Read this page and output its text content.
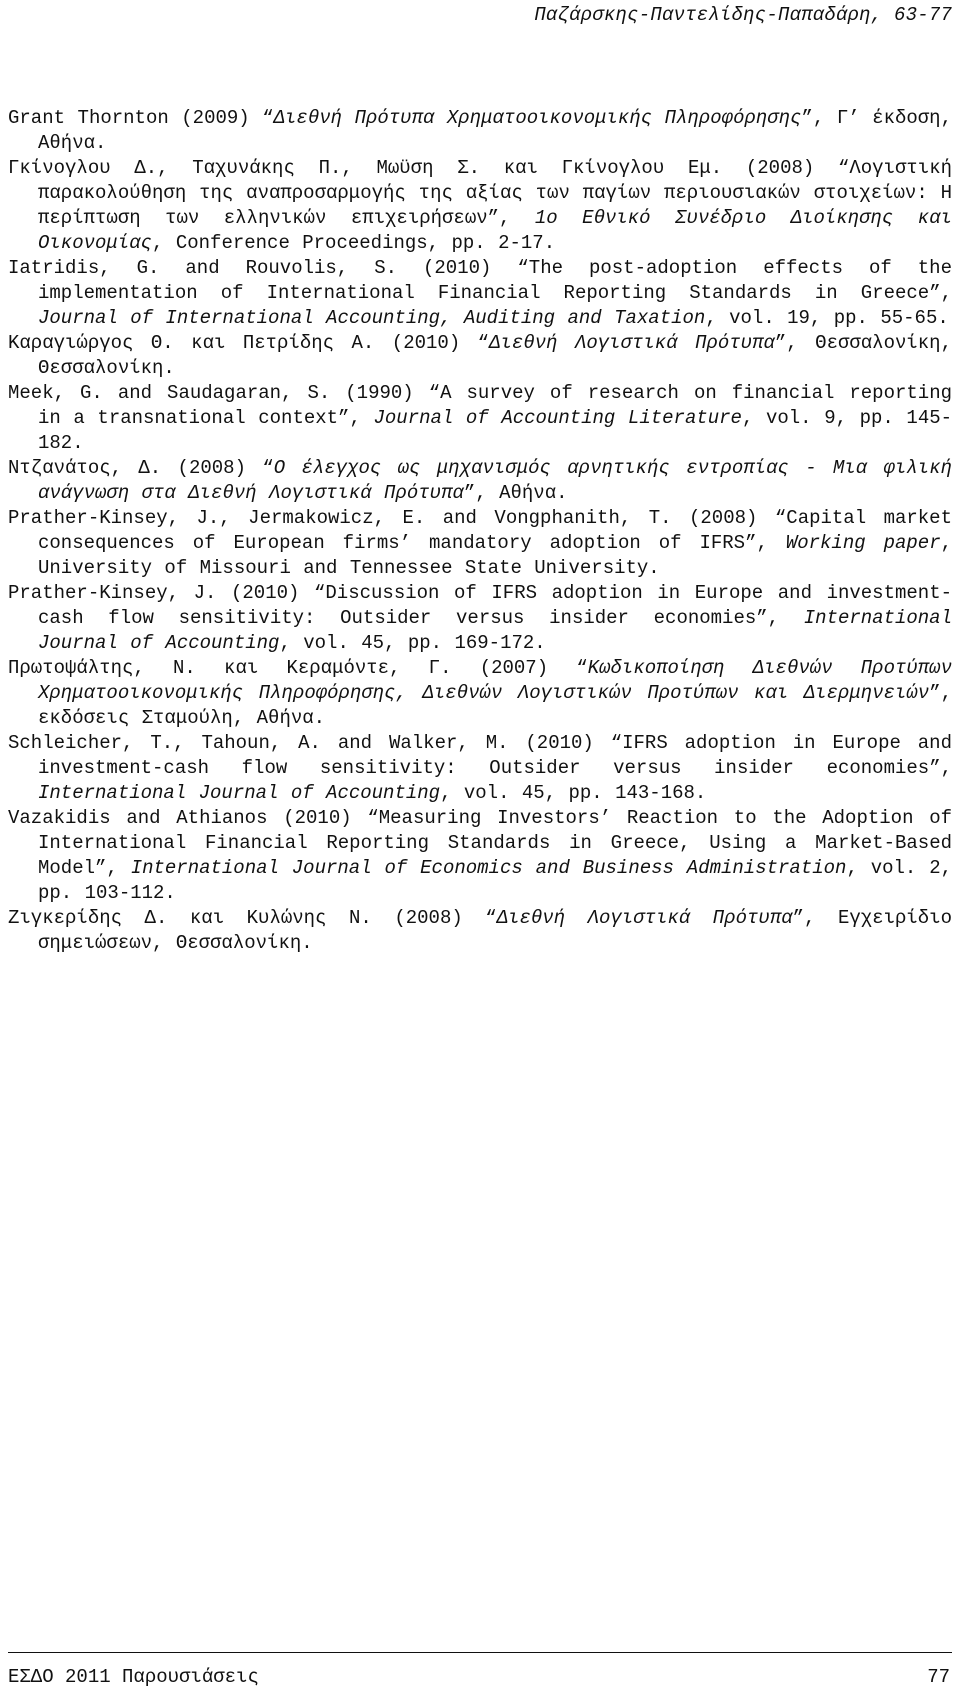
Παζάρσκης-Παντελίδης-Παπαδάρη, 63-77
Grant Thornton (2009) “Διεθνή Πρότυπα Χρηματοοικονομικής Πληροφόρησης”, Γ’ έκδοση, Αθήνα.
Γκίνογλου Δ., Ταχυνάκης Π., Μωϋση Σ. και Γκίνογλου Εμ. (2008) “Λογιστική παρακολούθηση της αναπροσαρμογής της αξίας των παγίων περιουσιακών στοιχείων: Η περίπτωση των ελληνικών επιχειρήσεων”, 1ο Εθνικό Συνέδριο Διοίκησης και Οικονομίας, Conference Proceedings, pp. 2-17.
Iatridis, G. and Rouvolis, S. (2010) “The post-adoption effects of the implementation of International Financial Reporting Standards in Greece”, Journal of International Accounting, Auditing and Taxation, vol. 19, pp. 55-65.
Καραγιώργος Θ. και Πετρίδης Α. (2010) “Διεθνή Λογιστικά Πρότυπα”, Θεσσαλονίκη, Θεσσαλονίκη.
Meek, G. and Saudagaran, S. (1990) “A survey of research on financial reporting in a transnational context”, Journal of Accounting Literature, vol. 9, pp. 145-182.
Ντζανάτος, Δ. (2008) “Ο έλεγχος ως μηχανισμός αρνητικής εντροπίας - Μια φιλική ανάγνωση στα Διεθνή Λογιστικά Πρότυπα”, Αθήνα.
Prather-Kinsey, J., Jermakowicz, E. and Vongphanith, T. (2008) “Capital market consequences of European firms’ mandatory adoption of IFRS”, Working paper, University of Missouri and Tennessee State University.
Prather-Kinsey, J. (2010) “Discussion of IFRS adoption in Europe and investment-cash flow sensitivity: Outsider versus insider economies”, International Journal of Accounting, vol. 45, pp. 169-172.
Πρωτοψάλτης, Ν. και Κεραμόντε, Γ. (2007) “Κωδικοποίηση Διεθνών Προτύπων Χρηματοοικονομικής Πληροφόρησης, Διεθνών Λογιστικών Προτύπων και Διερμηνειών”, εκδόσεις Σταμούλη, Αθήνα.
Schleicher, T., Tahoun, A. and Walker, M. (2010) “IFRS adoption in Europe and investment-cash flow sensitivity: Outsider versus insider economies”, International Journal of Accounting, vol. 45, pp. 143-168.
Vazakidis and Athianos (2010) “Measuring Investors’ Reaction to the Adoption of International Financial Reporting Standards in Greece, Using a Market-Based Model”, International Journal of Economics and Business Administration, vol. 2, pp. 103-112.
Ζιγκερίδης Δ. και Κυλώνης Ν. (2008) “Διεθνή Λογιστικά Πρότυπα”, Εγχειρίδιο σημειώσεων, Θεσσαλονίκη.
ΕΣΔΟ 2011 Παρουσιάσεις	77
